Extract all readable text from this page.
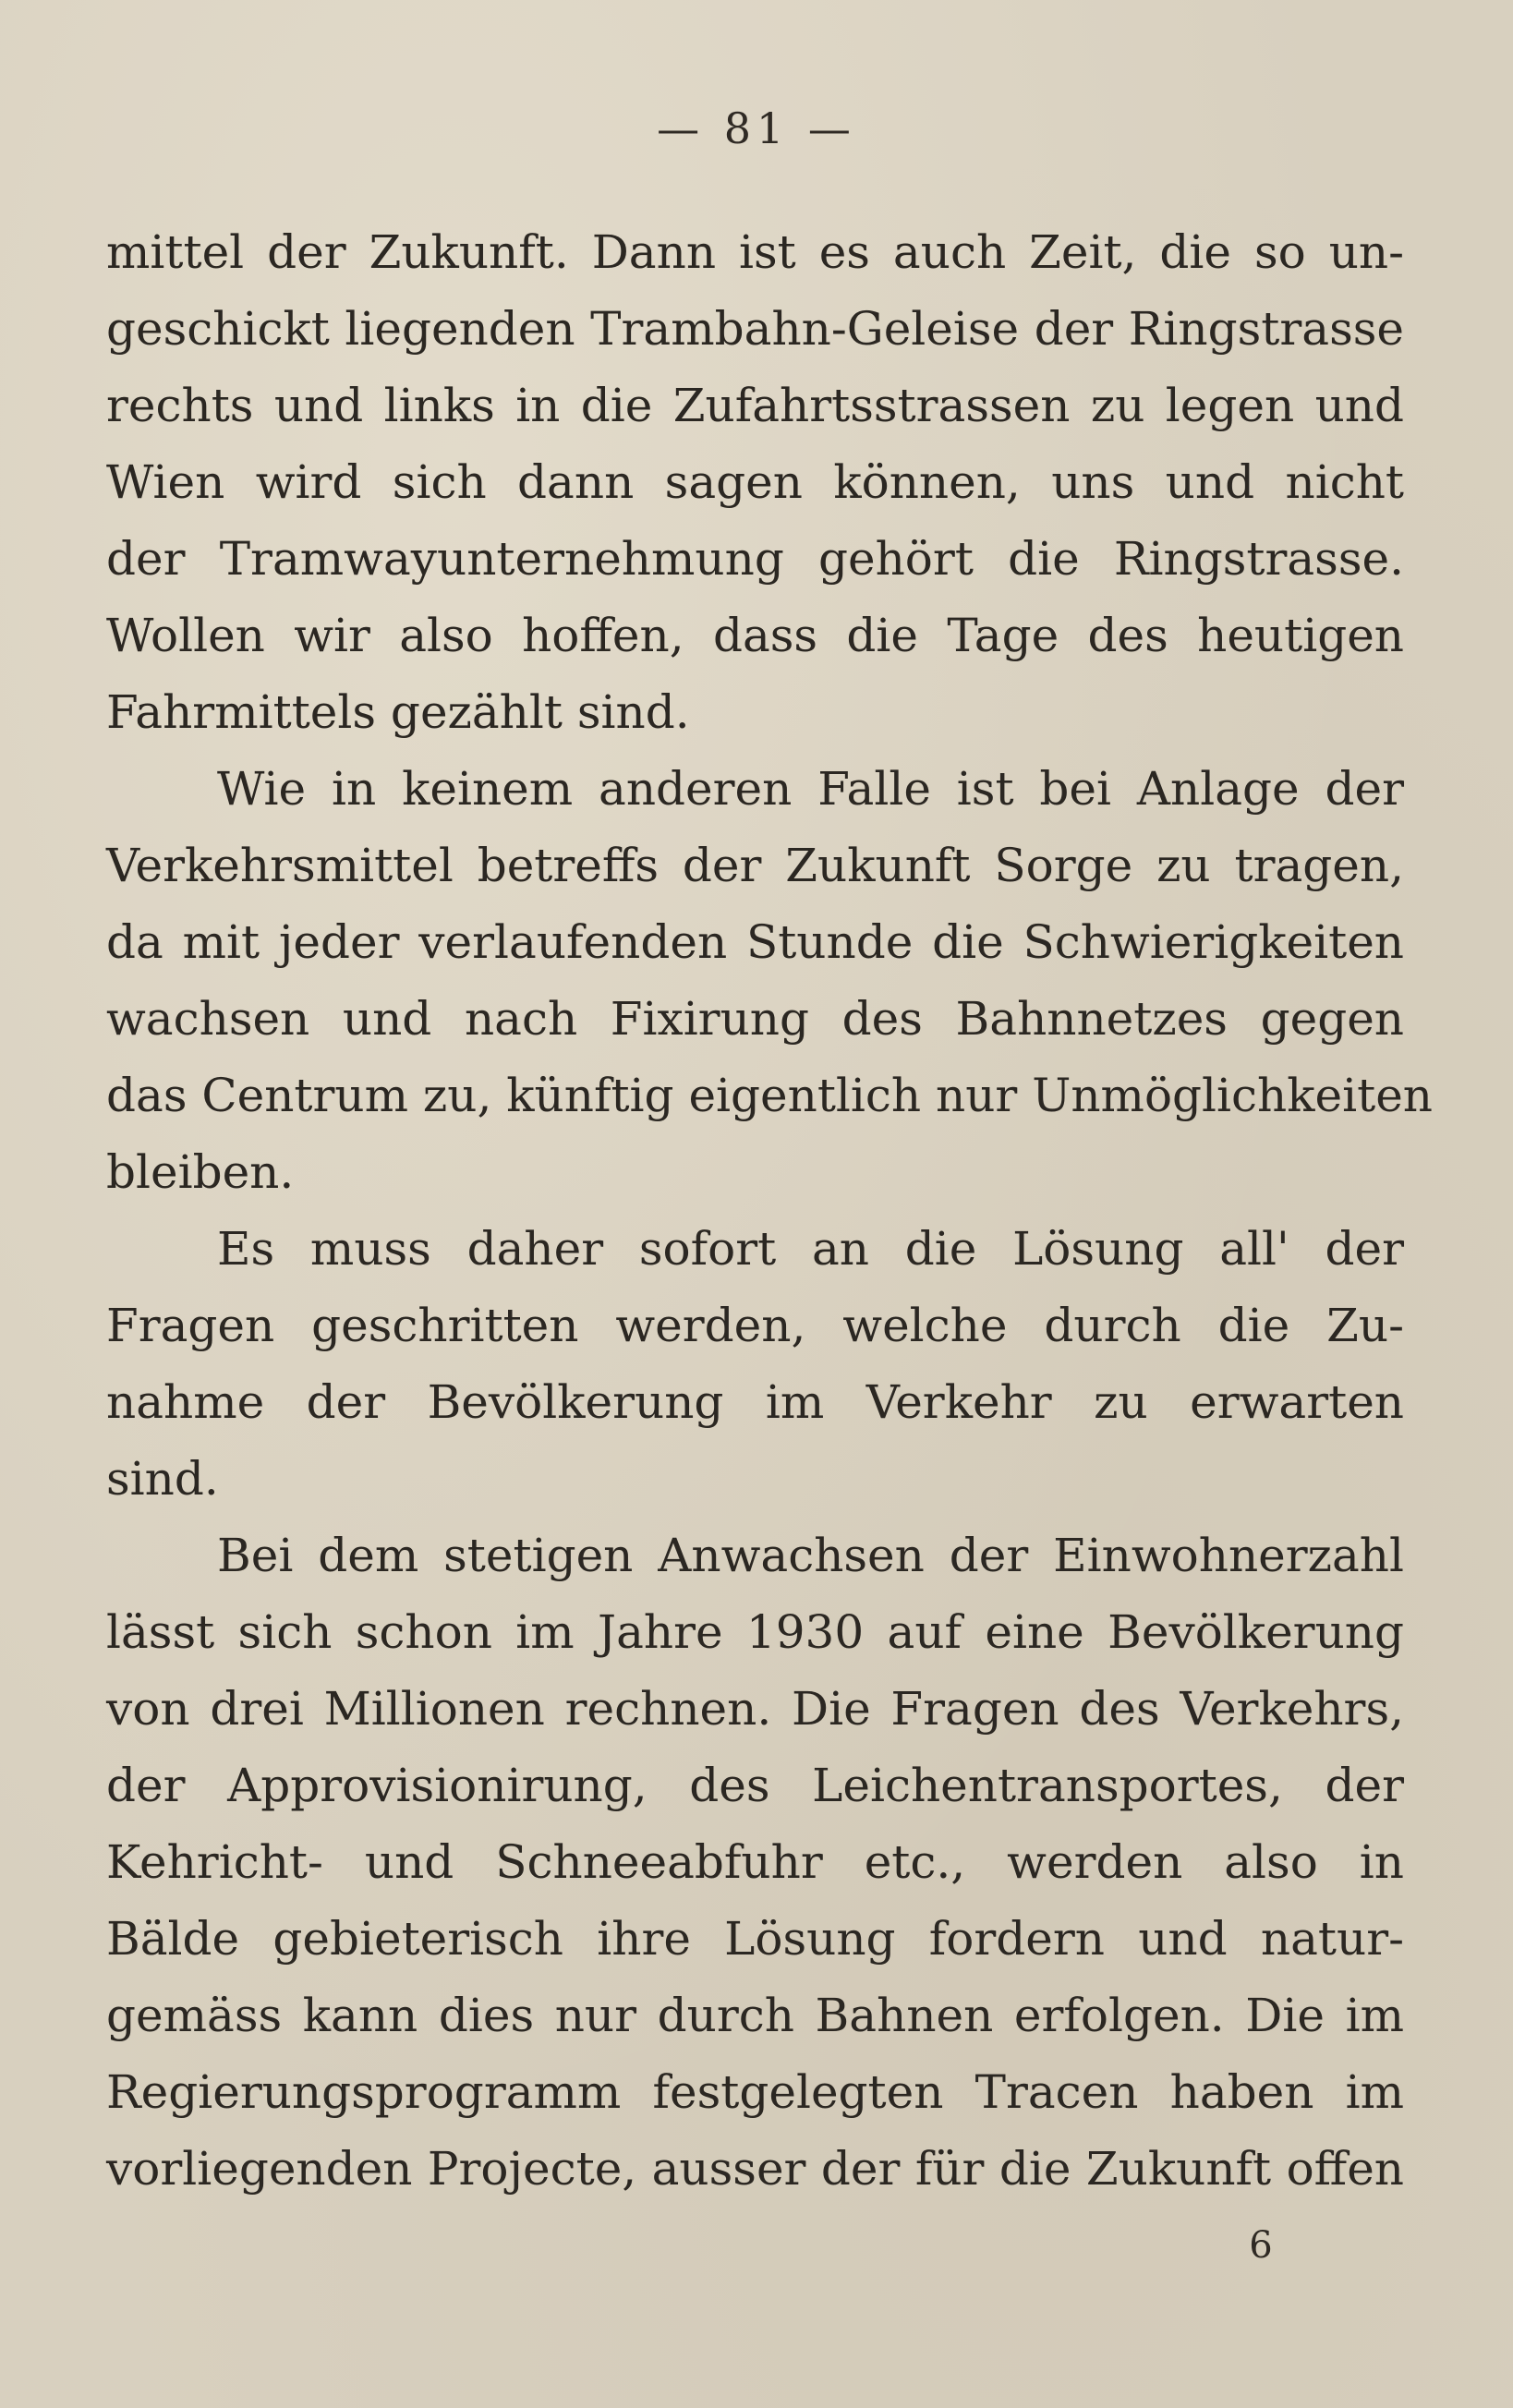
— 81 —
mittel der Zukunft. Dann ist es auch Zeit, die so un-
geschickt liegenden Trambahn-Geleise der Ringstrasse
rechts und links in die Zufahrtsstrassen zu legen und
Wien wird sich dann sagen können, uns und nicht
der Tramwayunternehmung gehört die Ringstrasse.
Wollen wir also hoffen, dass die Tage des heutigen
Fahrmittels gezählt sind.
Wie in keinem anderen Falle ist bei Anlage der
Verkehrsmittel betreffs der Zukunft Sorge zu tragen,
da mit jeder verlaufenden Stunde die Schwierigkeiten
wachsen und nach Fixirung des Bahnnetzes gegen
das Centrum zu, künftig eigentlich nur Unmöglichkeiten
bleiben.
Es muss daher sofort an die Lösung all' der
Fragen geschritten werden, welche durch die Zu-
nahme der Bevölkerung im Verkehr zu erwarten
sind.
Bei dem stetigen Anwachsen der Einwohnerzahl
lässt sich schon im Jahre 1930 auf eine Bevölkerung
von drei Millionen rechnen. Die Fragen des Verkehrs,
der Approvisionirung, des Leichentransportes, der
Kehricht- und Schneeabfuhr etc., werden also in
Bälde gebieterisch ihre Lösung fordern und natur-
gemäss kann dies nur durch Bahnen erfolgen. Die im
Regierungsprogramm festgelegten Tracen haben im
vorliegenden Projecte, ausser der für die Zukunft offen
6
